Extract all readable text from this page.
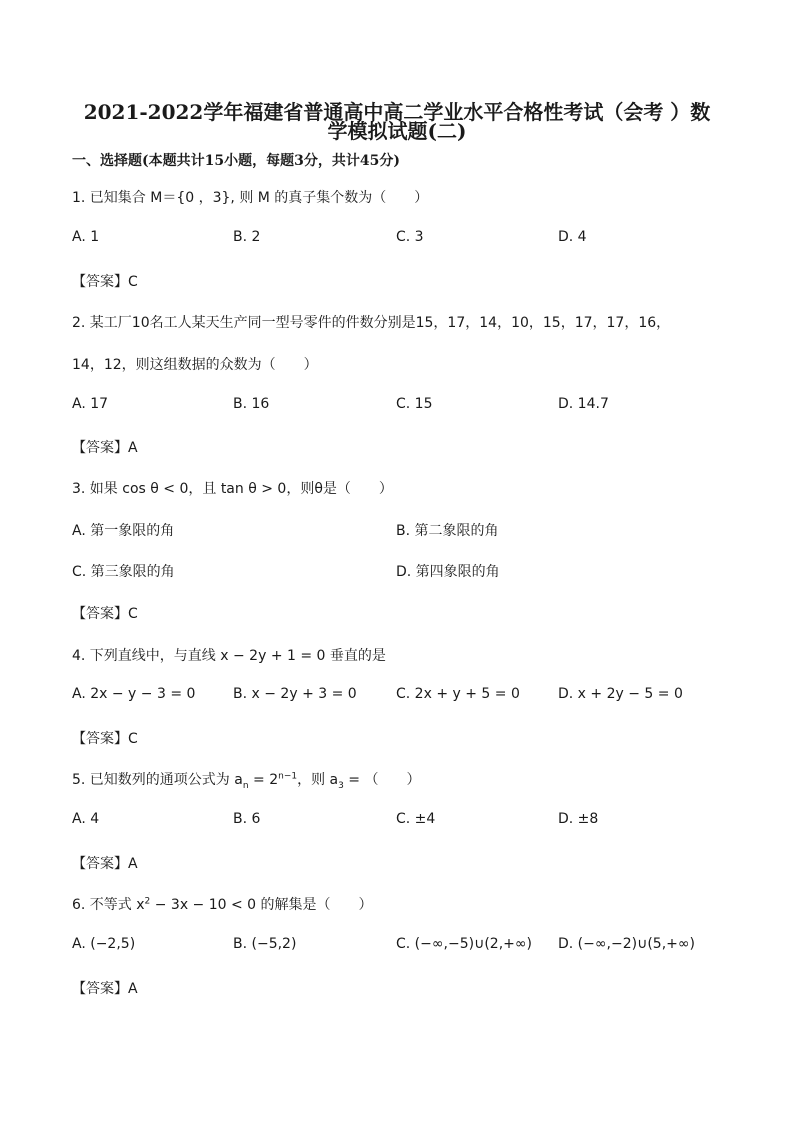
2021-2022学年福建省普通高中高二学业水平合格性考试（会考 ）数
学模拟试题(二)
一、选择题(本题共计15小题，每题3分，共计45分)
1. 已知集合 M＝{0 ，3}, 则 M 的真子集个数为（　　）
A. 1	B. 2	C. 3	D. 4
【答案】C
2. 某工厂10名工人某天生产同一型号零件的件数分别是15，17，14，10，15，17，17，16，
14，12，则这组数据的众数为（　　）
A. 17	B. 16	C. 15	D. 14.7
【答案】A
3. 如果 cos θ < 0，且 tan θ > 0，则θ是（　　）
A. 第一象限的角	B. 第二象限的角
C. 第三象限的角	D. 第四象限的角
【答案】C
4. 下列直线中，与直线 x − 2y + 1 = 0 垂直的是
A. 2x − y − 3 = 0	B. x − 2y + 3 = 0	C. 2x + y + 5 = 0	D. x + 2y − 5 = 0
【答案】C
5. 已知数列的通项公式为 $a_n = 2^{n-1}$，则 $a_3$ = （　　）
A. 4	B. 6	C. ±4	D. ±8
【答案】A
6. 不等式 $x^2 - 3x - 10 < 0$ 的解集是（　　）
A. (−2,5)	B. (−5,2)	C. (−∞,−5)∪(2,+∞) D. (−∞,−2)∪(5,+∞)
【答案】A
